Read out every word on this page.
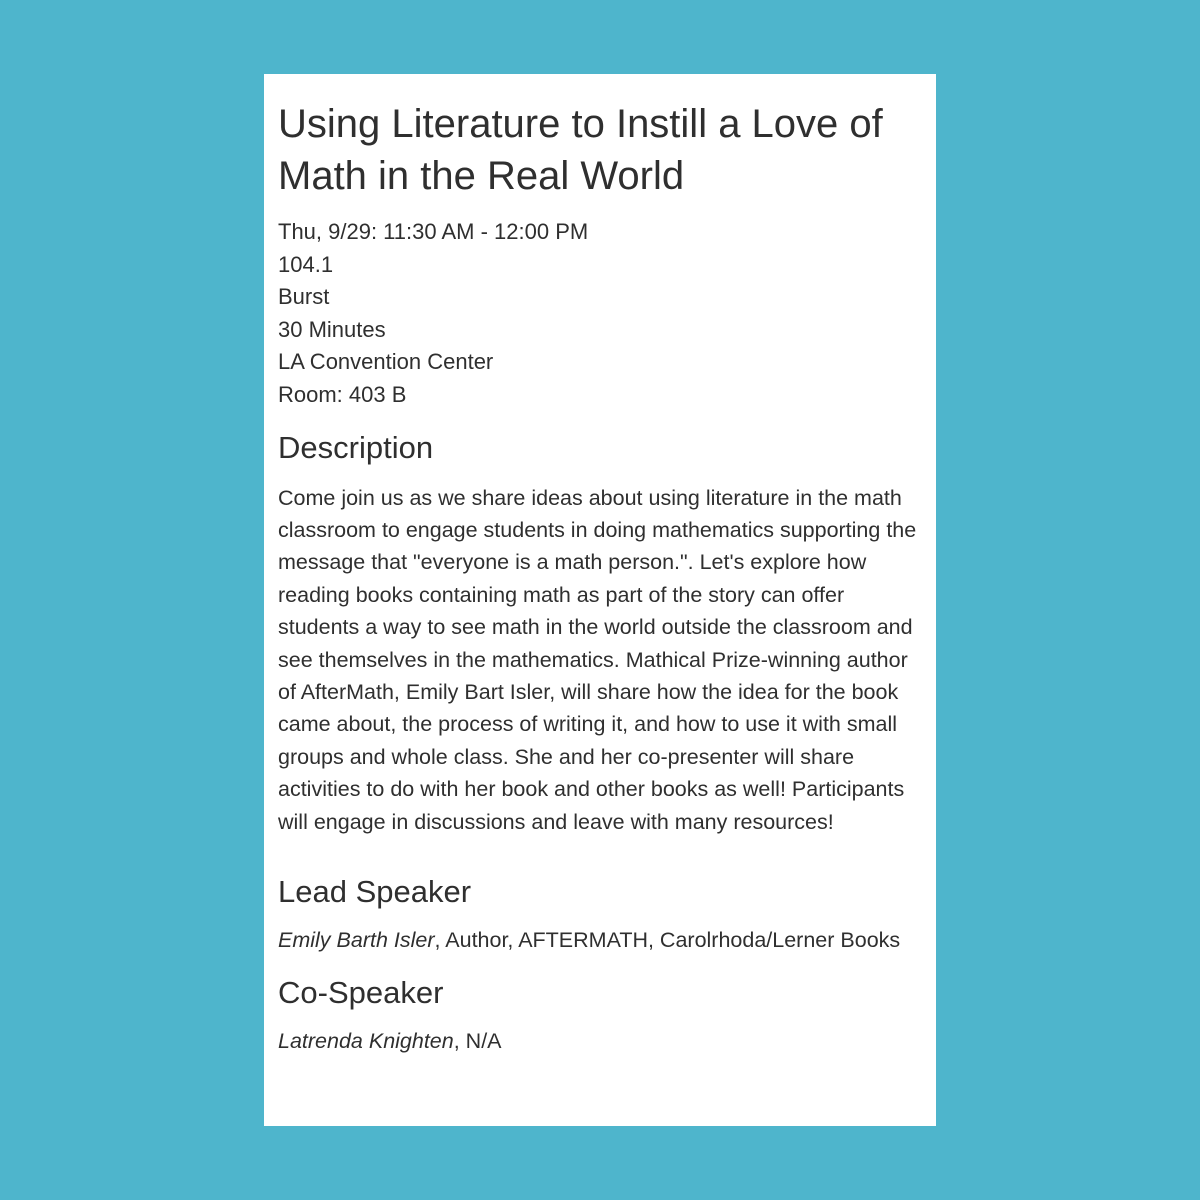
Using Literature to Instill a Love of Math in the Real World
Thu, 9/29: 11:30 AM - 12:00 PM
104.1
Burst
30 Minutes
LA Convention Center
Room: 403 B
Description
Come join us as we share ideas about using literature in the math classroom to engage students in doing mathematics supporting the message that "everyone is a math person.". Let's explore how reading books containing math as part of the story can offer students a way to see math in the world outside the classroom and see themselves in the mathematics. Mathical Prize-winning author of AfterMath, Emily Bart Isler, will share how the idea for the book came about, the process of writing it, and how to use it with small groups and whole class. She and her co-presenter will share activities to do with her book and other books as well! Participants will engage in discussions and leave with many resources!
Lead Speaker
Emily Barth Isler, Author, AFTERMATH, Carolrhoda/Lerner Books
Co-Speaker
Latrenda Knighten, N/A
